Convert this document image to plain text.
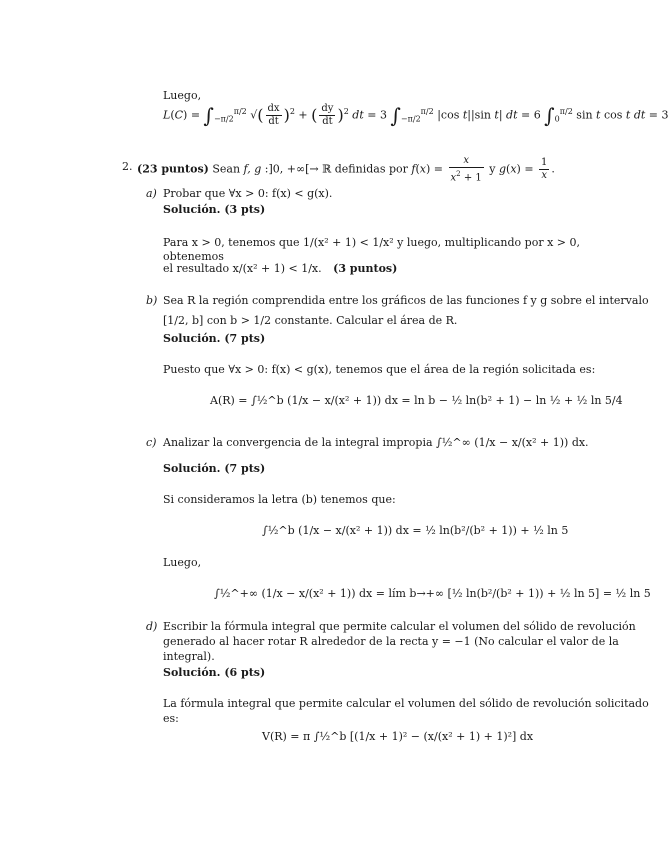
Luego,
$L(C) = \int_{-\pi/2}^{\pi/2}$ √( $\frac{dx}{dt} )^2$ + ( $\frac{dy}{dt} )^2$ dt = 3 $\int_{-\pi/2}^{\pi/2}$ |cos t||sin t| dt = 6 $\int_0^{\pi/2}$ sin t cos t dt = 3
2. (23 puntos) Sean f, g :]0, +∞[→ ℝ definidas por $f(x) = \frac{x}{x^2 + 1}$ y $g(x) = \frac{1}{x}$ .
a) Probar que ∀x > 0: f(x) < g(x).
Solución. (3 pts)
Para x > 0, tenemos que 1/(x² + 1) < 1/x² y luego, multiplicando por x > 0, obtenemos
el resultado x/(x² + 1) < 1/x. (3 puntos)
b) Sea R la región comprendida entre los gráficos de las funciones f y g sobre el intervalo
[1/2, b] con b > 1/2 constante. Calcular el área de R.
Solución. (7 pts)
Puesto que ∀x > 0: f(x) < g(x), tenemos que el área de la región solicitada es:
A(R) = ∫½^b (1/x − x/(x² + 1)) dx = ln b − ½ ln(b² + 1) − ln ½ + ½ ln 5/4
c) Analizar la convergencia de la integral impropia ∫½^∞ (1/x − x/(x² + 1)) dx.
Solución. (7 pts)
Si consideramos la letra (b) tenemos que:
∫½^b (1/x − x/(x² + 1)) dx = ½ ln(b²/(b² + 1)) + ½ ln 5
Luego,
∫½^+∞ (1/x − x/(x² + 1)) dx = lím b→+∞ [½ ln(b²/(b² + 1)) + ½ ln 5] = ½ ln 5
d) Escribir la fórmula integral que permite calcular el volumen del sólido de revolución
generado al hacer rotar R alrededor de la recta y = −1 (No calcular el valor de la
integral).
Solución. (6 pts)
La fórmula integral que permite calcular el volumen del sólido de revolución solicitado
es:
V(R) = π ∫½^b [(1/x + 1)² − (x/(x² + 1) + 1)²] dx
